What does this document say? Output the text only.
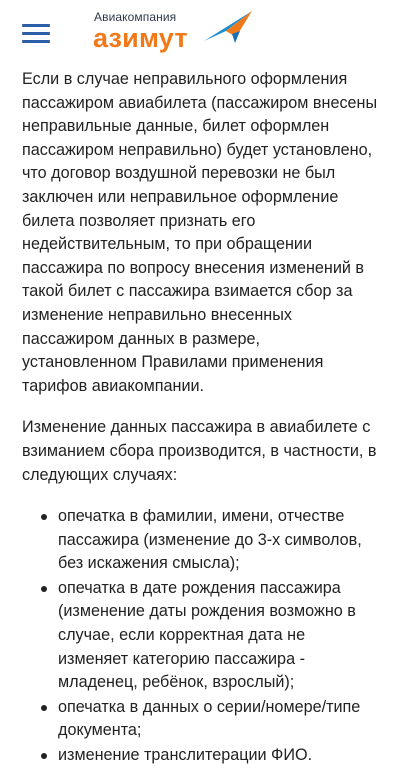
Авиакомпания
азимут

Если в случае неправильного оформления пассажиром авиабилета (пассажиром внесены неправильные данные, билет оформлен пассажиром неправильно) будет установлено, что договор воздушной перевозки не был заключен или неправильное оформление билета позволяет признать его недействительным, то при обращении пассажира по вопросу внесения изменений в такой билет с пассажира взимается сбор за изменение неправильно внесенных пассажиром данных в размере, установленном Правилами применения тарифов авиакомпании.

Изменение данных пассажира в авиабилете с взиманием сбора производится, в частности, в следующих случаях:

опечатка в фамилии, имени, отчестве пассажира (изменение до 3-х символов, без искажения смысла);
опечатка в дате рождения пассажира (изменение даты рождения возможно в случае, если корректная дата не изменяет категорию пассажира - младенец, ребёнок, взрослый);
опечатка в данных о серии/номере/типе документа;
изменение транслитерации ФИО.
